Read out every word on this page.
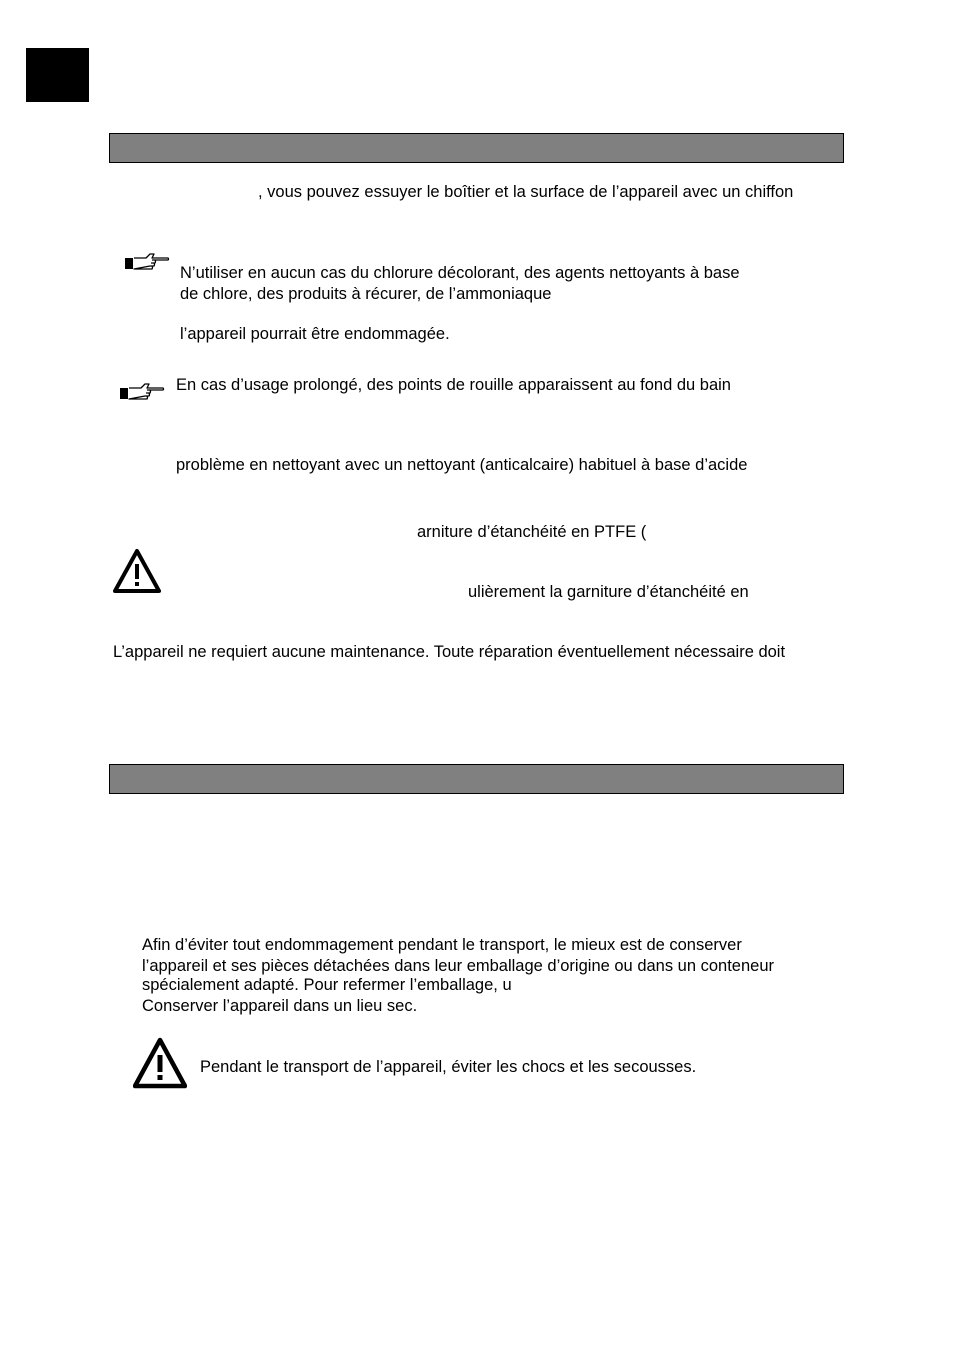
, vous pouvez essuyer le boîtier et la surface de l’appareil avec un chiffon
N’utiliser en aucun cas du chlorure décolorant, des agents nettoyants à base
de chlore, des produits à récurer, de l’ammoniaque
l’appareil pourrait être endommagée.
En cas d’usage prolongé, des points de rouille apparaissent au fond du bain
problème en nettoyant avec un nettoyant (anticalcaire) habituel à base d’acide
arniture d’étanchéité en PTFE (
ulièrement la garniture d’étanchéité en
L’appareil ne requiert aucune maintenance. Toute réparation éventuellement nécessaire doit
Afin d’éviter tout endommagement pendant le transport, le mieux est de conserver
l’appareil et ses pièces détachées dans leur emballage d’origine ou dans un conteneur
spécialement adapté. Pour refermer l’emballage, u
Conserver l’appareil dans un lieu sec.
Pendant le transport de l’appareil, éviter les chocs et les secousses.
